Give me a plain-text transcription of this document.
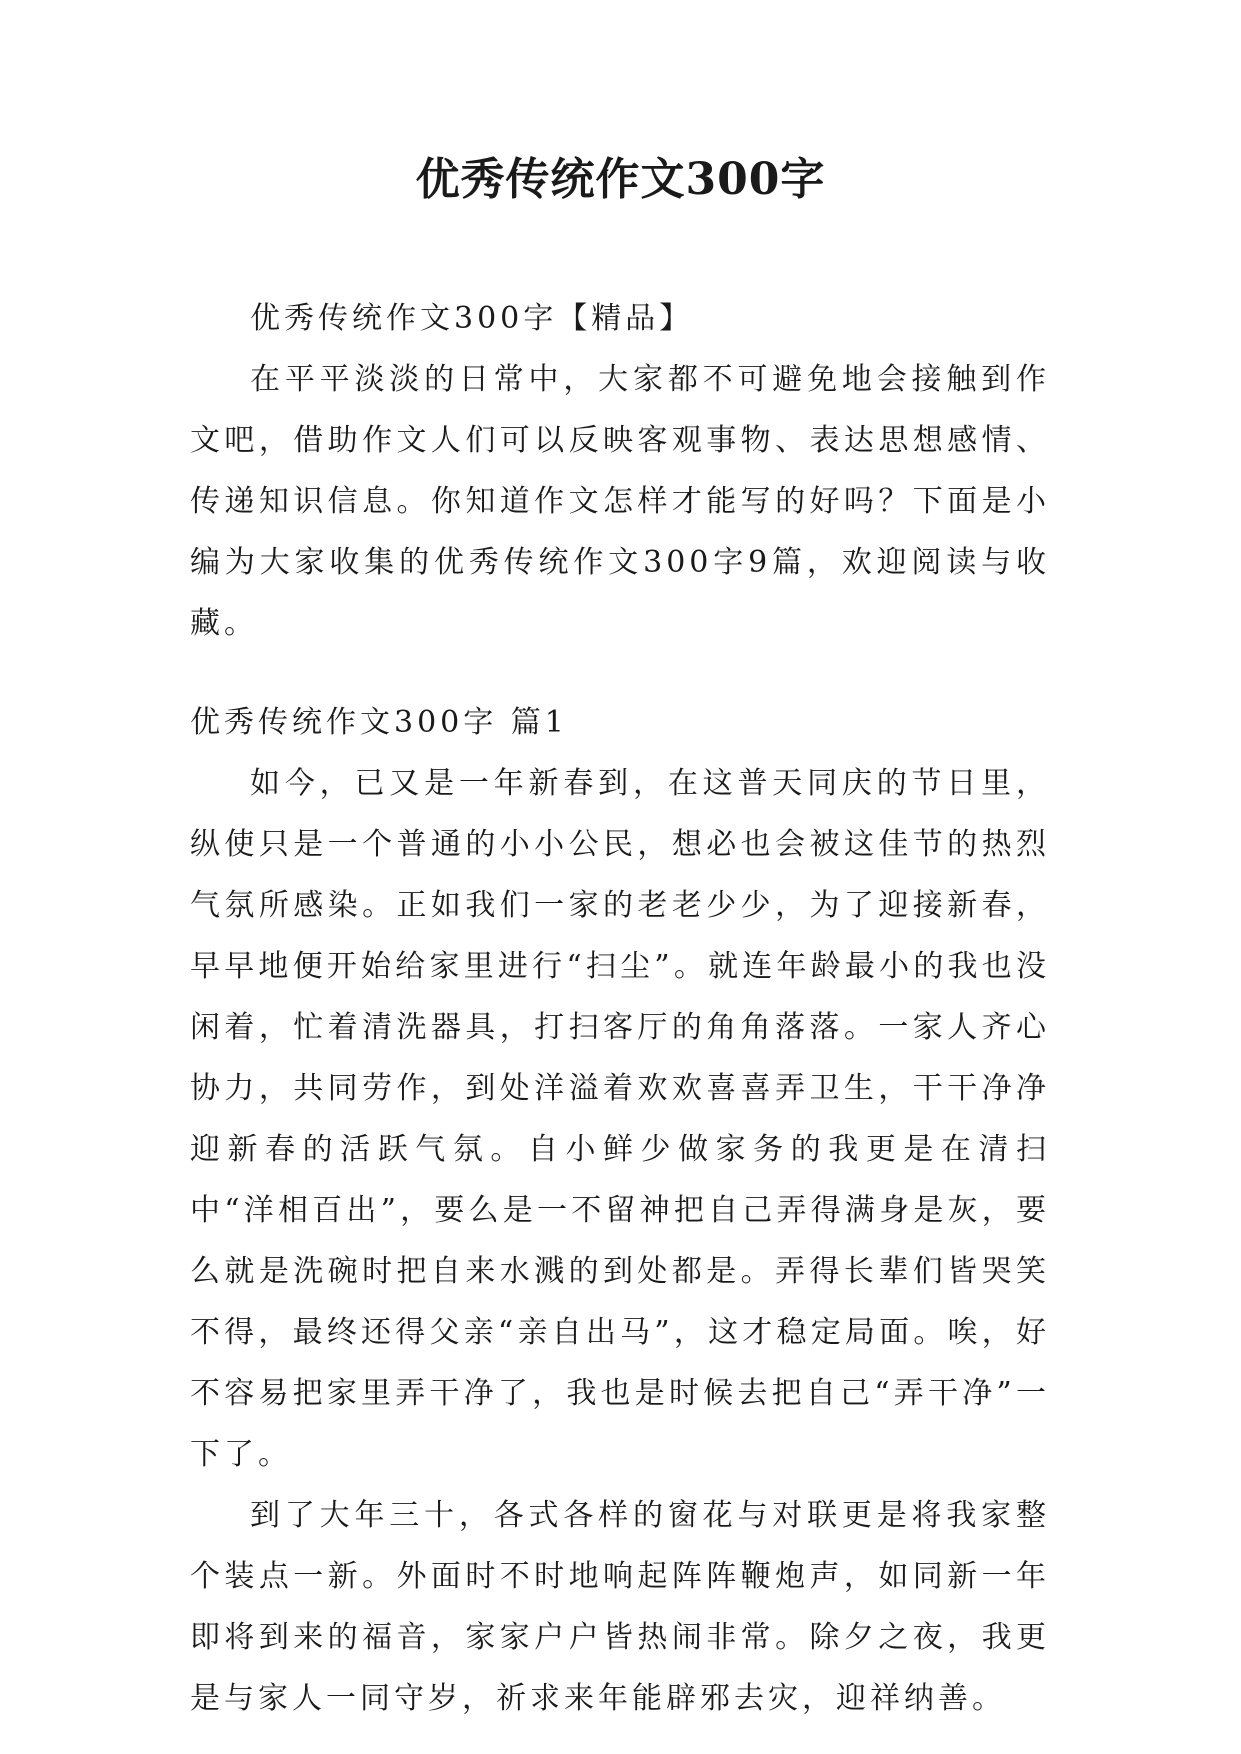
优秀传统作文300字

优秀传统作文300字【精品】

在平平淡淡的日常中，大家都不可避免地会接触到作文吧，借助作文人们可以反映客观事物、表达思想感情、传递知识信息。你知道作文怎样才能写的好吗？下面是小编为大家收集的优秀传统作文300字9篇，欢迎阅读与收藏。

优秀传统作文300字 篇1

如今，已又是一年新春到，在这普天同庆的节日里，纵使只是一个普通的小小公民，想必也会被这佳节的热烈气氛所感染。正如我们一家的老老少少，为了迎接新春，早早地便开始给家里进行“扫尘”。就连年龄最小的我也没闲着，忙着清洗器具，打扫客厅的角角落落。一家人齐心协力，共同劳作，到处洋溢着欢欢喜喜弄卫生，干干净净迎新春的活跃气氛。自小鲜少做家务的我更是在清扫中“洋相百出”，要么是一不留神把自己弄得满身是灰，要么就是洗碗时把自来水溅的到处都是。弄得长辈们皆哭笑不得，最终还得父亲“亲自出马”，这才稳定局面。唉，好不容易把家里弄干净了，我也是时候去把自己“弄干净”一下了。

到了大年三十，各式各样的窗花与对联更是将我家整个装点一新。外面时不时地响起阵阵鞭炮声，如同新一年即将到来的福音，家家户户皆热闹非常。除夕之夜，我更是与家人一同守岁，祈求来年能辟邪去灾，迎祥纳善。
